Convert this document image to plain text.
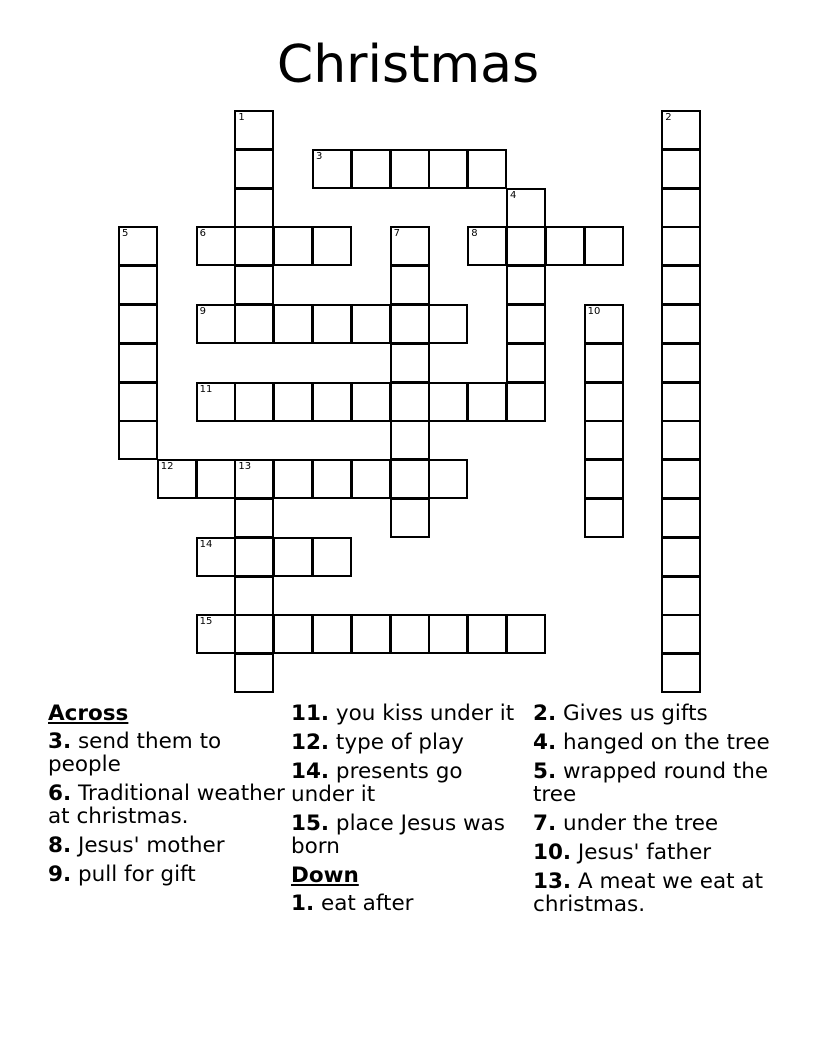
Christmas
1	2
3
4
5	6	7	8
9	10
11
12	13
14
15
Across
3. send them to people
6. Traditional weather at christmas.
8. Jesus' mother
9. pull for gift
11. you kiss under it
12. type of play
14. presents go under it
15. place Jesus was born
Down
1. eat after
2. Gives us gifts
4. hanged on the tree
5. wrapped round the tree
7. under the tree
10. Jesus' father
13. A meat we eat at christmas.
